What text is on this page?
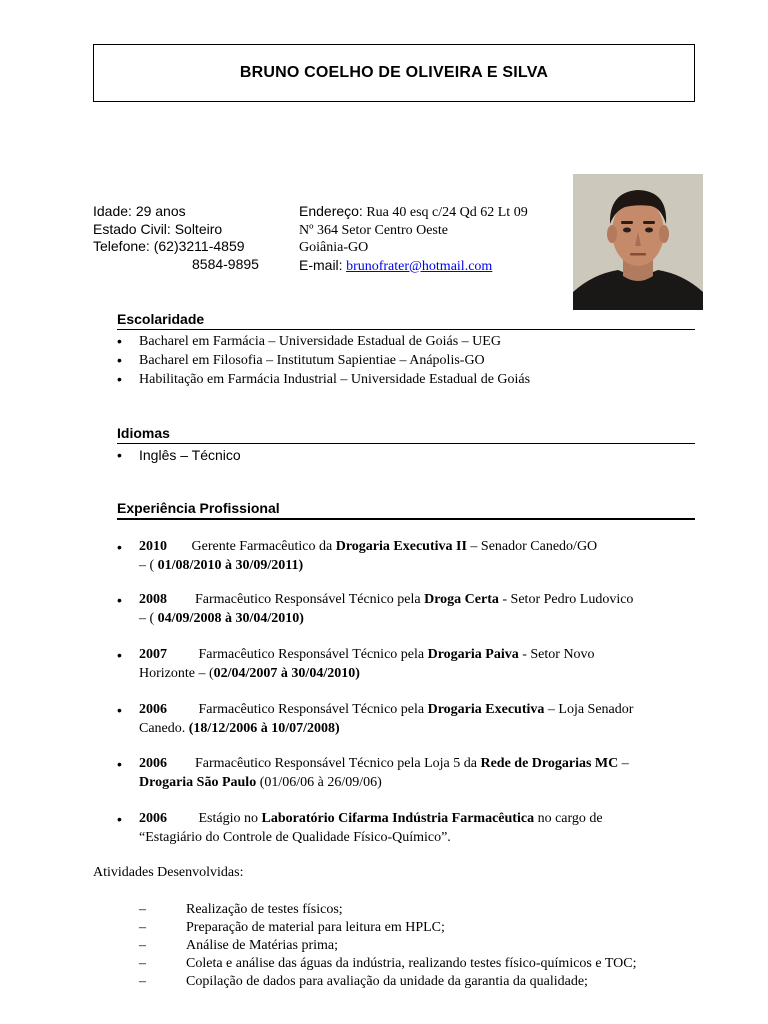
BRUNO COELHO DE OLIVEIRA E SILVA
Idade: 29 anos
Estado Civil: Solteiro
Telefone: (62)3211-4859
8584-9895
Endereço: Rua 40 esq c/24 Qd 62 Lt 09
Nº 364 Setor Centro Oeste
Goiânia-GO
E-mail: brunofrater@hotmail.com
Escolaridade
• Bacharel em Farmácia – Universidade Estadual de Goiás – UEG
• Bacharel em Filosofia – Institutum Sapientiae – Anápolis-GO
• Habilitação em Farmácia Industrial – Universidade Estadual de Goiás
Idiomas
• Inglês – Técnico
Experiência Profissional
• 2010 Gerente Farmacêutico da Drogaria Executiva II – Senador Canedo/GO
– ( 01/08/2010 à 30/09/2011)
• 2008 Farmacêutico Responsável Técnico pela Droga Certa - Setor Pedro Ludovico
– ( 04/09/2008 à 30/04/2010)
• 2007 Farmacêutico Responsável Técnico pela Drogaria Paiva - Setor Novo
Horizonte – (02/04/2007 à 30/04/2010)
• 2006 Farmacêutico Responsável Técnico pela Drogaria Executiva – Loja Senador
Canedo. (18/12/2006 à 10/07/2008)
• 2006 Farmacêutico Responsável Técnico pela Loja 5 da Rede de Drogarias MC –
Drogaria São Paulo (01/06/06 à 26/09/06)
• 2006 Estágio no Laboratório Cifarma Indústria Farmacêutica no cargo de
“Estagiário do Controle de Qualidade Físico-Químico”.
Atividades Desenvolvidas:
–	Realização de testes físicos;
–	Preparação de material para leitura em HPLC;
–	Análise de Matérias prima;
–	Coleta e análise das águas da indústria, realizando testes físico-químicos e TOC;
–	Copilação de dados para avaliação da unidade da garantia da qualidade;
